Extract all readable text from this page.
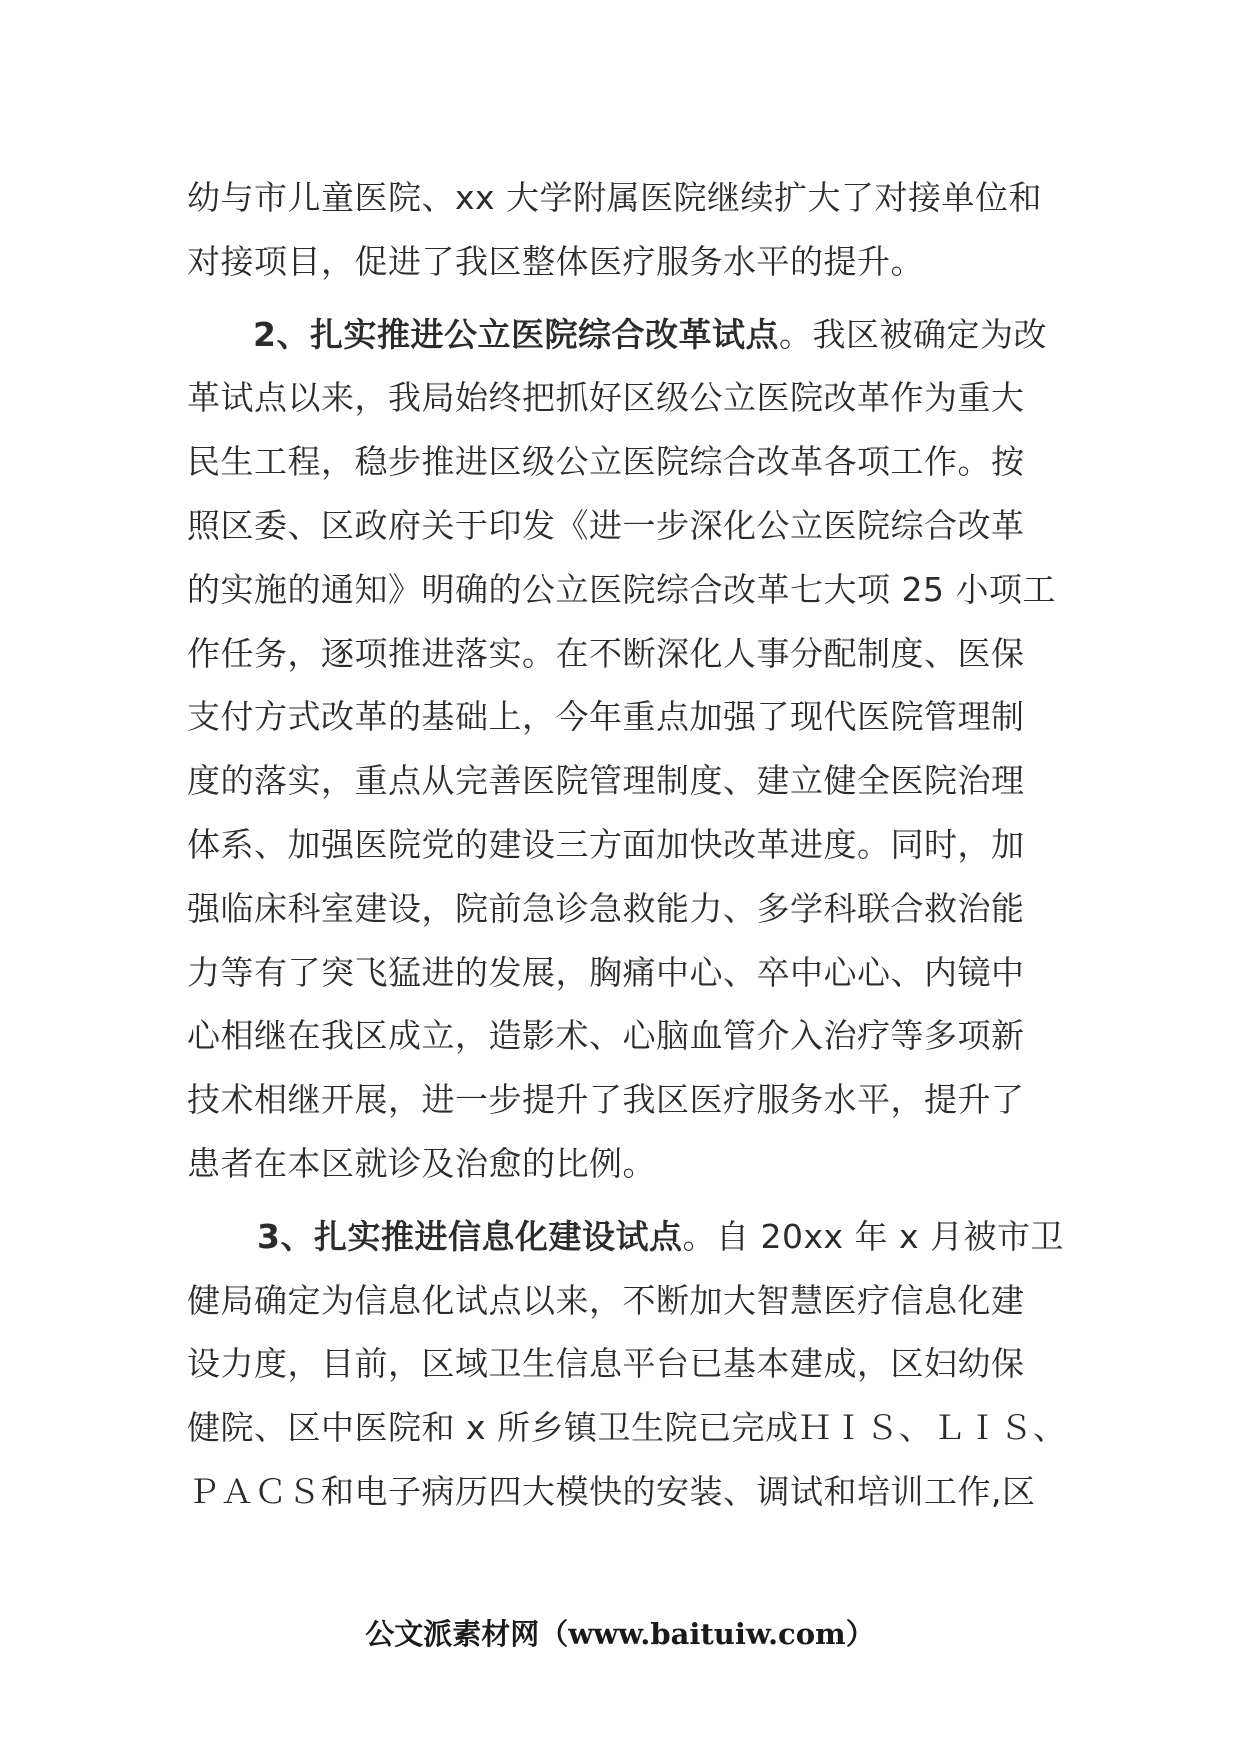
幼与市儿童医院、xx 大学附属医院继续扩大了对接单位和
对接项目，促进了我区整体医疗服务水平的提升。
2、扎实推进公立医院综合改革试点。我区被确定为改
革试点以来，我局始终把抓好区级公立医院改革作为重大
民生工程，稳步推进区级公立医院综合改革各项工作。按
照区委、区政府关于印发《进一步深化公立医院综合改革
的实施的通知》明确的公立医院综合改革七大项 25 小项工
作任务，逐项推进落实。在不断深化人事分配制度、医保
支付方式改革的基础上，今年重点加强了现代医院管理制
度的落实，重点从完善医院管理制度、建立健全医院治理
体系、加强医院党的建设三方面加快改革进度。同时，加
强临床科室建设，院前急诊急救能力、多学科联合救治能
力等有了突飞猛进的发展，胸痛中心、卒中心心、内镜中
心相继在我区成立，造影术、心脑血管介入治疗等多项新
技术相继开展，进一步提升了我区医疗服务水平，提升了
患者在本区就诊及治愈的比例。
3、扎实推进信息化建设试点。自 20xx 年 x 月被市卫
健局确定为信息化试点以来，不断加大智慧医疗信息化建
设力度，目前，区域卫生信息平台已基本建成，区妇幼保
健院、区中医院和 x 所乡镇卫生院已完成ＨＩＳ、ＬＩＳ、
ＰＡＣＳ和电子病历四大模快的安装、调试和培训工作,区
公文派素材网（www.baituiw.com）
